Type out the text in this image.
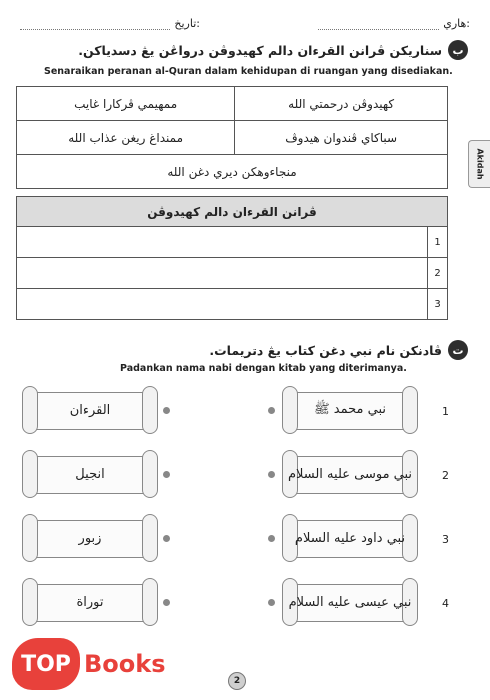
تاريخ:	هاري:
ب
سناريکن ڤرانن القرءان دالم کهيدوڤن دروا‌ڠن يڠ دسدياکن.
Senaraikan peranan al-Quran dalam kehidupan di ruangan yang disediakan.
ممهيمي ڤرکارا غايب	کهيدوڤن درحمتي الله
ممنداغ ريغن عذاب الله	سباکاي ڤندوان هيدوڤ
منجاءوهکن ديري دغن الله		Akidah
ڤرانن القرءان دالم کهيدوڤن	
	1
	2
	3
ت
ڤادنکن نام نبي دغن کتاب يڠ دتريمات.
Padankan nama nabi dengan kitab yang diterimanya.
القرءان	نبي محمد ﷺ	1
انجيل	نبي موسى عليه السلام	2
زبور	نبي داود عليه السلام	3
توراة	نبي عيسى عليه السلام	4
2
TOP Books
